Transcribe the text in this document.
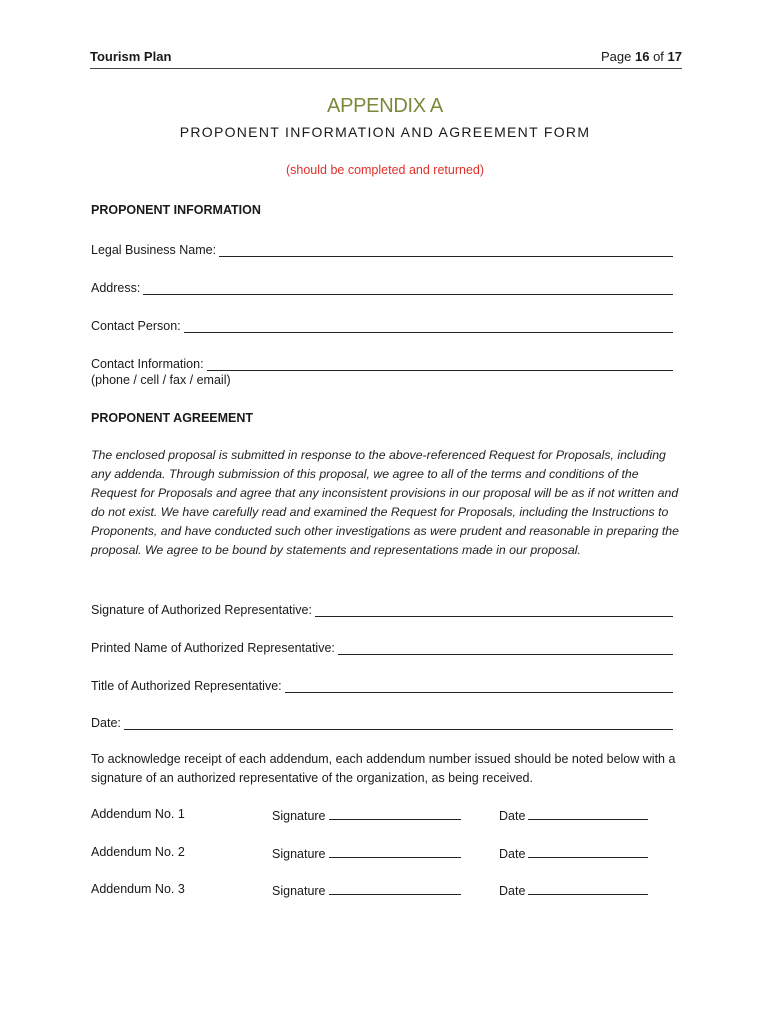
Tourism Plan	Page 16 of 17
APPENDIX A
PROPONENT INFORMATION AND AGREEMENT FORM
(should be completed and returned)
PROPONENT INFORMATION
Legal Business Name:
Address:
Contact Person:
Contact Information:
(phone / cell / fax / email)
PROPONENT AGREEMENT
The enclosed proposal is submitted in response to the above-referenced Request for Proposals, including any addenda. Through submission of this proposal, we agree to all of the terms and conditions of the Request for Proposals and agree that any inconsistent provisions in our proposal will be as if not written and do not exist. We have carefully read and examined the Request for Proposals, including the Instructions to Proponents, and have conducted such other investigations as were prudent and reasonable in preparing the proposal. We agree to be bound by statements and representations made in our proposal.
Signature of Authorized Representative:
Printed Name of Authorized Representative:
Title of Authorized Representative:
Date:
To acknowledge receipt of each addendum, each addendum number issued should be noted below with a signature of an authorized representative of the organization, as being received.
Addendum No. 1	Signature	Date
Addendum No. 2	Signature	Date
Addendum No. 3	Signature	Date
